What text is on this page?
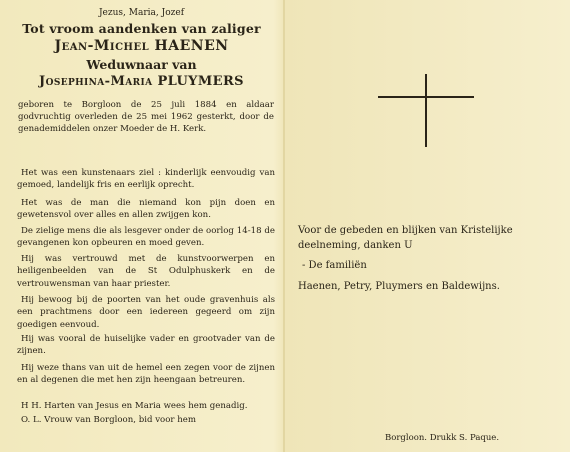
Jezus, Maria, Jozef
Tot vroom aandenken van zaliger
Jean-Michel HAENEN
Weduwnaar van
Josephina-Maria PLUYMERS
geboren te Borgloon de 25 juli 1884 en aldaar godvruchtig overleden de 25 mei 1962 gesterkt, door de genademiddelen onzer Moeder de H. Kerk.
Het was een kunstenaars ziel : kinderlijk eenvoudig van gemoed, landelijk fris en eerlijk oprecht.
Het was de man die niemand kon pijn doen en gewetensvol over alles en allen zwijgen kon.
De zielige mens die als lesgever onder de oorlog 14-18 de gevangenen kon opbeuren en moed geven.
Hij was vertrouwd met de kunstvoorwerpen en heiligenbeelden van de St Odulphuskerk en de vertrouwensman van haar priester.
Hij bewoog bij de poorten van het oude gravenhuis als een prachtmens door een iedereen gegeerd om zijn goedigen eenvoud.
Hij was vooral de huiselijke vader en grootvader van de zijnen.
Hij weze thans van uit de hemel een zegen voor de zijnen en al degenen die met hen zijn heengaan betreuren.
H H. Harten van Jesus en Maria wees hem genadig.
O. L. Vrouw van Borgloon, bid voor hem
Voor de gebeden en blijken van Kristelijke
deelneming, danken U
- De familiën
Haenen, Petry, Pluymers en Baldewijns.
Borgloon. Drukk S. Paque.
